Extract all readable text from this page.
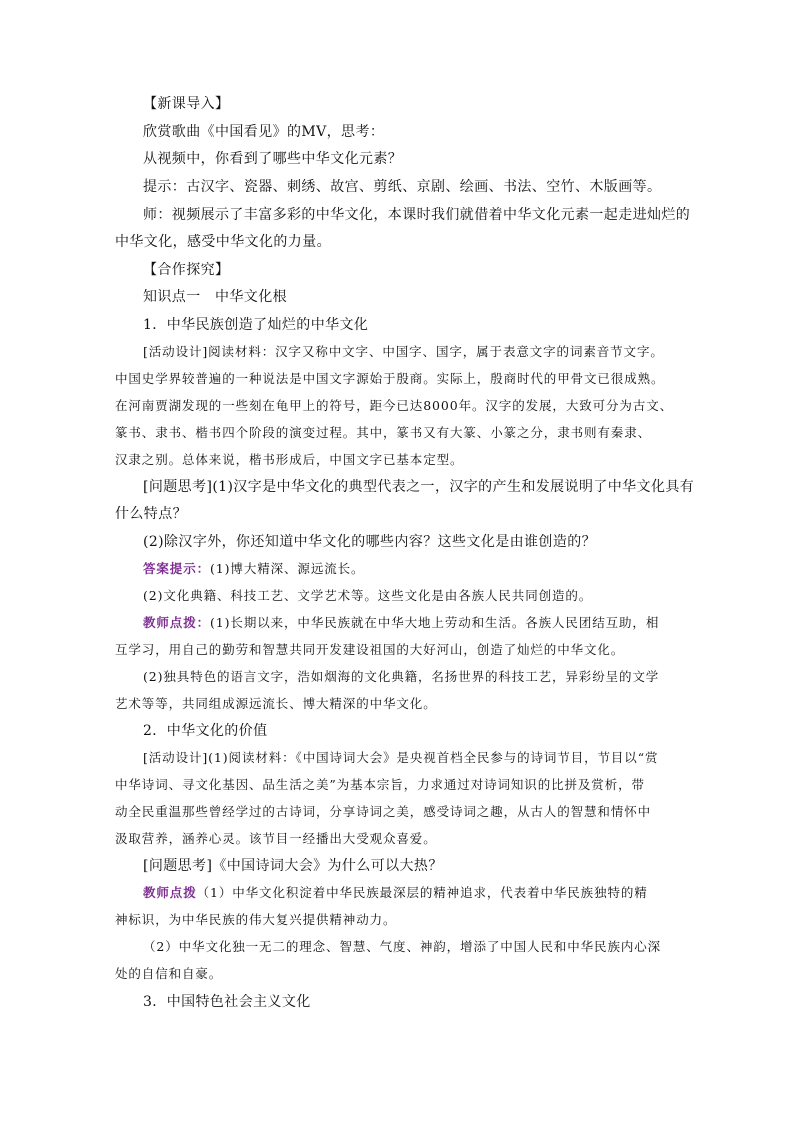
【新课导入】
欣赏歌曲《中国看见》的MV，思考：
从视频中，你看到了哪些中华文化元素？
提示：古汉字、瓷器、刺绣、故宫、剪纸、京剧、绘画、书法、空竹、木版画等。
师：视频展示了丰富多彩的中华文化，本课时我们就借着中华文化元素一起走进灿烂的
中华文化，感受中华文化的力量。
【合作探究】
知识点一　中华文化根
1．中华民族创造了灿烂的中华文化
[活动设计]阅读材料：汉字又称中文字、中国字、国字，属于表意文字的词素音节文字。
中国史学界较普遍的一种说法是中国文字源始于殷商。实际上，殷商时代的甲骨文已很成熟。
在河南贾湖发现的一些刻在龟甲上的符号，距今已达8000年。汉字的发展，大致可分为古文、
篆书、隶书、楷书四个阶段的演变过程。其中，篆书又有大篆、小篆之分，隶书则有秦隶、
汉隶之别。总体来说，楷书形成后，中国文字已基本定型。
[问题思考](1)汉字是中华文化的典型代表之一，汉字的产生和发展说明了中华文化具有
什么特点？
(2)除汉字外，你还知道中华文化的哪些内容？这些文化是由谁创造的？
答案提示：(1)博大精深、源远流长。
(2)文化典籍、科技工艺、文学艺术等。这些文化是由各族人民共同创造的。
教师点拨：(1)长期以来，中华民族就在中华大地上劳动和生活。各族人民团结互助，相
互学习，用自己的勤劳和智慧共同开发建设祖国的大好河山，创造了灿烂的中华文化。
(2)独具特色的语言文字，浩如烟海的文化典籍，名扬世界的科技工艺，异彩纷呈的文学
艺术等等，共同组成源远流长、博大精深的中华文化。
2．中华文化的价值
[活动设计](1)阅读材料：《中国诗词大会》是央视首档全民参与的诗词节目，节目以“赏
中华诗词、寻文化基因、品生活之美”为基本宗旨，力求通过对诗词知识的比拼及赏析，带
动全民重温那些曾经学过的古诗词，分享诗词之美，感受诗词之趣，从古人的智慧和情怀中
汲取营养，涵养心灵。该节目一经播出大受观众喜爱。
[问题思考]《中国诗词大会》为什么可以大热？
教师点拨（1）中华文化积淀着中华民族最深层的精神追求，代表着中华民族独特的精
神标识，为中华民族的伟大复兴提供精神动力。
（2）中华文化独一无二的理念、智慧、气度、神韵，增添了中国人民和中华民族内心深
处的自信和自豪。
3．中国特色社会主义文化
